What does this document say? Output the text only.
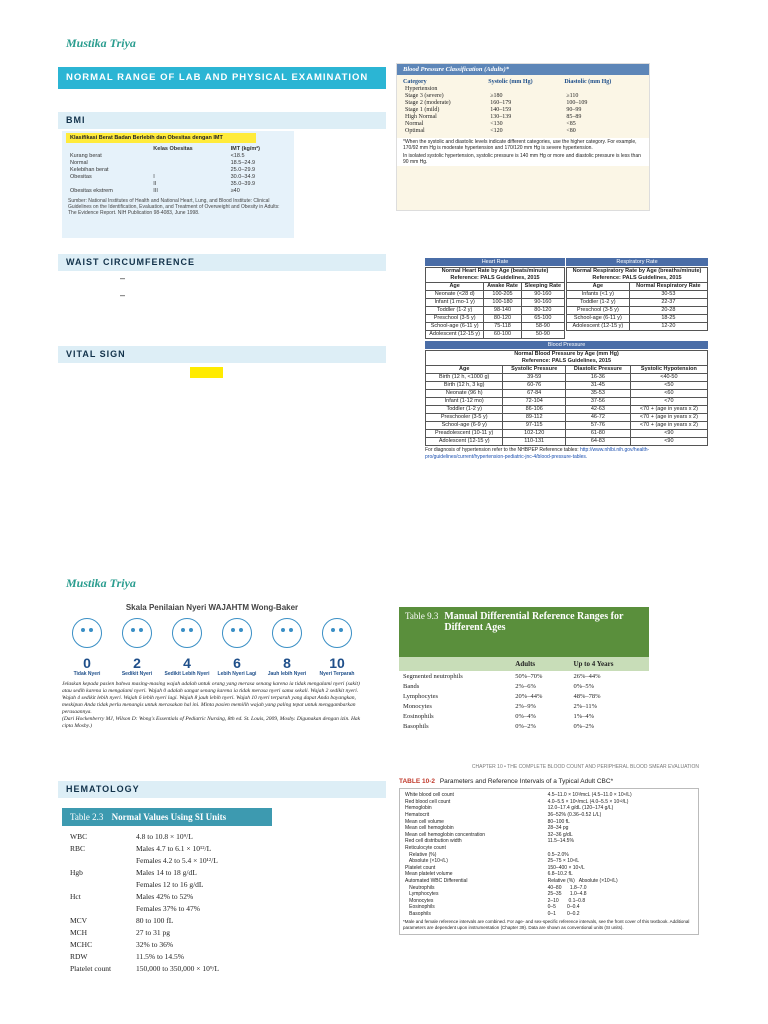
Mustika Triya
Mustika Triya
NORMAL RANGE OF LAB AND PHYSICAL EXAMINATION
BMI
Klasifikasi Berat Badan Berlebih dan Obesitas dengan IMT
	Kelas Obesitas	IMT (kg/m²)
Kurang berat		<18.5
Normal		18.5–24.9
Kelebihan berat		25.0–29.9
Obesitas	I	30.0–34.9
	II	35.0–39.9
Obesitas ekstrem	III	≥40
Sumber: National Institutes of Health and National Heart, Lung, and Blood Institute: Clinical Guidelines on the Identification, Evaluation, and Treatment of Overweight and Obesity in Adults: The Evidence Report. NIH Publication 98-4083, June 1998.
WAIST CIRCUMFERENCE
–
–
VITAL SIGN
Blood Pressure Classification (Adults)*
Category	Systolic (mm Hg)	Diastolic (mm Hg)
Hypertension		
Stage 3 (severe)	≥180	≥110
Stage 2 (moderate)	160–179	100–109
Stage 1 (mild)	140–159	90–99
High Normal	130–139	85–89
Normal	<130	<85
Optimal	<120	<80
*When the systolic and diastolic levels indicate different categories, use the higher category. For example, 170/92 mm Hg is moderate hypertension and 170/120 mm Hg is severe hypertension.
In isolated systolic hypertension, systolic pressure is 140 mm Hg or more and diastolic pressure is less than 90 mm Hg.
Heart Rate
Normal Heart Rate by Age (beats/minute)
Reference: PALS Guidelines, 2015		
Age	Awake Rate	Sleeping Rate
Neonate (<28 d)	100-205	90-160
Infant (1 mo-1 y)	100-180	90-160
Toddler (1-2 y)	98-140	80-120
Preschool (3-5 y)	80-120	65-100
School-age (6-11 y)	75-118	58-90
Adolescent (12-15 y)	60-100	50-90
Respiratory Rate
Normal Respiratory Rate by Age (breaths/minute)
Reference: PALS Guidelines, 2015	
Age	Normal Respiratory Rate
Infants (<1 y)	30-53
Toddler (1-2 y)	22-37
Preschool (3-5 y)	20-28
School-age (6-11 y)	18-25
Adolescent (12-15 y)	12-20
Blood Pressure
Normal Blood Pressure by Age (mm Hg)
Reference: PALS Guidelines, 2015			
Age	Systolic Pressure	Diastolic Pressure	Systolic Hypotension
Birth (12 h, <1000 g)	39-59	16-36	<40-50
Birth (12 h, 3 kg)	60-76	31-45	<50
Neonate (96 h)	67-84	35-53	<60
Infant (1-12 mo)	72-104	37-56	<70
Toddler (1-2 y)	86-106	42-63	<70 + (age in years x 2)
Preschooler (3-5 y)	89-112	46-72	<70 + (age in years x 2)
School-age (6-9 y)	97-115	57-76	<70 + (age in years x 2)
Preadolescent (10-11 y)	102-120	61-80	<90
Adolescent (12-15 y)	110-131	64-83	<90
For diagnosis of hypertension refer to the NHBPEP Reference tables: http://www.nhlbi.nih.gov/health-pro/guidelines/current/hypertension-pediatric-jnc-4/blood-pressure-tables.
Skala Penilaian Nyeri WAJAHTM Wong-Baker
0
Tidak Nyeri
2
Sedikit Nyeri
4
Sedikit Lebih Nyeri
6
Lebih Nyeri Lagi
8
Jauh lebih Nyeri
10
Nyeri Terparah
Jelaskan kepada pasien bahwa masing-masing wajah adalah untuk orang yang merasa senang karena ia tidak mengalami nyeri (sakit) atau sedih karena ia mengalami nyeri. Wajah 0 adalah sangat senang karena ia tidak merasa nyeri sama sekali. Wajah 2 sedikit nyeri. Wajah 4 sedikit lebih nyeri. Wajah 6 lebih nyeri lagi. Wajah 8 jauh lebih nyeri. Wajah 10 nyeri terparah yang dapat Anda bayangkan, meskipun Anda tidak perlu menangis untuk merasakan hal ini. Minta pasien memilih wajah yang paling tepat untuk menggambarkan perasaannya.
(Dari Hockenberry MJ, Wilson D: Wong's Essentials of Pediatric Nursing, 8th ed. St. Louis, 2009, Mosby. Digunakan dengan izin. Hak cipta Mosby.)
Table 9.3 Manual Differential Reference Ranges for Different Ages
	Adults	Up to 4 Years
Segmented neutrophils	50%–70%	26%–44%
Bands	2%–6%	0%–5%
Lymphocytes	20%–44%	48%–78%
Monocytes	2%–9%	2%–11%
Eosinophils	0%–4%	1%–4%
Basophils	0%–2%	0%–2%
HEMATOLOGY
Table 2.3 Normal Values Using SI Units
WBC	4.8 to 10.8 × 10⁹/L
RBC	Males 4.7 to 6.1 × 10¹²/L
	Females 4.2 to 5.4 × 10¹²/L
Hgb	Males 14 to 18 g/dL
	Females 12 to 16 g/dL
Hct	Males 42% to 52%
	Females 37% to 47%
MCV	80 to 100 fL
MCH	27 to 31 pg
MCHC	32% to 36%
RDW	11.5% to 14.5%
Platelet count	150,000 to 350,000 × 10⁹/L
CHAPTER 10 • THE COMPLETE BLOOD COUNT AND PERIPHERAL BLOOD SMEAR EVALUATION
TABLE 10-2 Parameters and Reference Intervals of a Typical Adult CBC*
White blood cell count	4.5–11.0 × 10³/mcL (4.5–11.0 × 10⁹/L)
Red blood cell count	4.0–5.5 × 10⁶/mcL (4.0–5.5 × 10¹²/L)
Hemoglobin	12.0–17.4 g/dL (120–174 g/L)
Hematocrit	36–52% (0.36–0.52 L/L)
Mean cell volume	80–100 fL
Mean cell hemoglobin	28–34 pg
Mean cell hemoglobin concentration	32–36 g/dL
Red cell distribution width	11.5–14.5%
Reticulocyte count	
Relative (%)	0.5–2.0%
Absolute (×10⁹/L)	25–75 × 10⁹/L
Platelet count	150–400 × 10⁹/L
Mean platelet volume	6.8–10.2 fL
Automated WBC Differential	Relative (%)   Absolute (×10⁹/L)
Neutrophils	40–80      1.8–7.0
Lymphocytes	25–35      1.0–4.8
Monocytes	2–10       0.1–0.8
Eosinophils	0–5        0–0.4
Basophils	0–1        0–0.2
*Male and female reference intervals are combined. For age- and sex-specific reference intervals, see the front cover of this textbook. Additional parameters are dependent upon instrumentation (Chapter 39). Data are shown as conventional units (SI units).
